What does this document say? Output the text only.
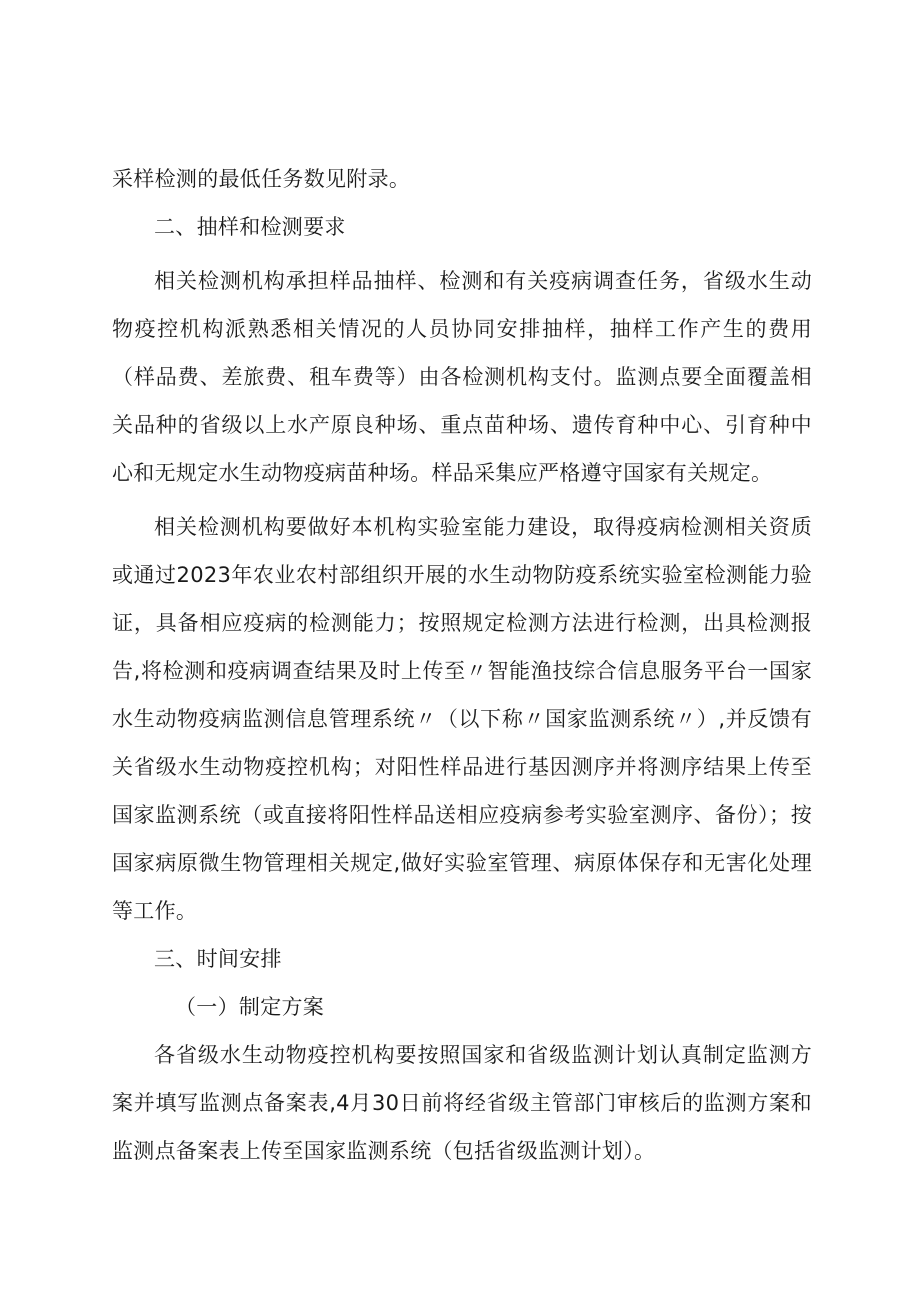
采样检测的最低任务数见附录。

二、抽样和检测要求

相关检测机构承担样品抽样、检测和有关疫病调查任务，省级水生动物疫控机构派熟悉相关情况的人员协同安排抽样，抽样工作产生的费用（样品费、差旅费、租车费等）由各检测机构支付。监测点要全面覆盖相关品种的省级以上水产原良种场、重点苗种场、遗传育种中心、引育种中心和无规定水生动物疫病苗种场。样品采集应严格遵守国家有关规定。

相关检测机构要做好本机构实验室能力建设，取得疫病检测相关资质或通过2023年农业农村部组织开展的水生动物防疫系统实验室检测能力验证，具备相应疫病的检测能力；按照规定检测方法进行检测，出具检测报告,将检测和疫病调查结果及时上传至〃智能渔技综合信息服务平台一国家水生动物疫病监测信息管理系统〃（以下称〃国家监测系统〃）,并反馈有关省级水生动物疫控机构；对阳性样品进行基因测序并将测序结果上传至国家监测系统（或直接将阳性样品送相应疫病参考实验室测序、备份）；按国家病原微生物管理相关规定,做好实验室管理、病原体保存和无害化处理等工作。

三、时间安排

（一）制定方案

各省级水生动物疫控机构要按照国家和省级监测计划认真制定监测方案并填写监测点备案表,4月30日前将经省级主管部门审核后的监测方案和监测点备案表上传至国家监测系统（包括省级监测计划）。
